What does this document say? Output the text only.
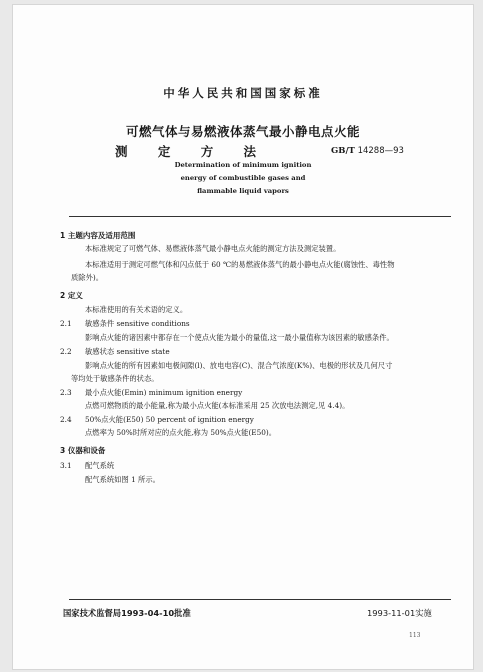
中华人民共和国国家标准
可燃气体与易燃液体蒸气最小静电点火能
测 定 方 法	GB/T 14288—93
Determination of minimum ignition
energy of combustible gases and
flammable liquid vapors
1 主题内容及适用范围
本标准规定了可燃气体、易燃液体蒸气最小静电点火能的测定方法及测定装置。
本标准适用于测定可燃气体和闪点低于 60 ℃的易燃液体蒸气的最小静电点火能(腐蚀性、毒性物
质除外)。
2 定义
本标准使用的有关术语的定义。
2.1 敏感条件 sensitive conditions
影响点火能的诸因素中都存在一个使点火能为最小的量值,这一最小量值称为该因素的敏感条件。
2.2 敏感状态 sensitive state
影响点火能的所有因素如电极间隙(l)、放电电容(C)、混合气浓度(K%)、电极的形状及几何尺寸
等均处于敏感条件的状态。
2.3 最小点火能(Emin) minimum ignition energy
点燃可燃物质的最小能量,称为最小点火能(本标准采用 25 次放电法测定,见 4.4)。
2.4 50%点火能(E50) 50 percent of ignition energy
点燃率为 50%时所对应的点火能,称为 50%点火能(E50)。
3 仪器和设备
3.1 配气系统
配气系统如图 1 所示。
国家技术监督局1993-04-10批准	1993-11-01实施
113
